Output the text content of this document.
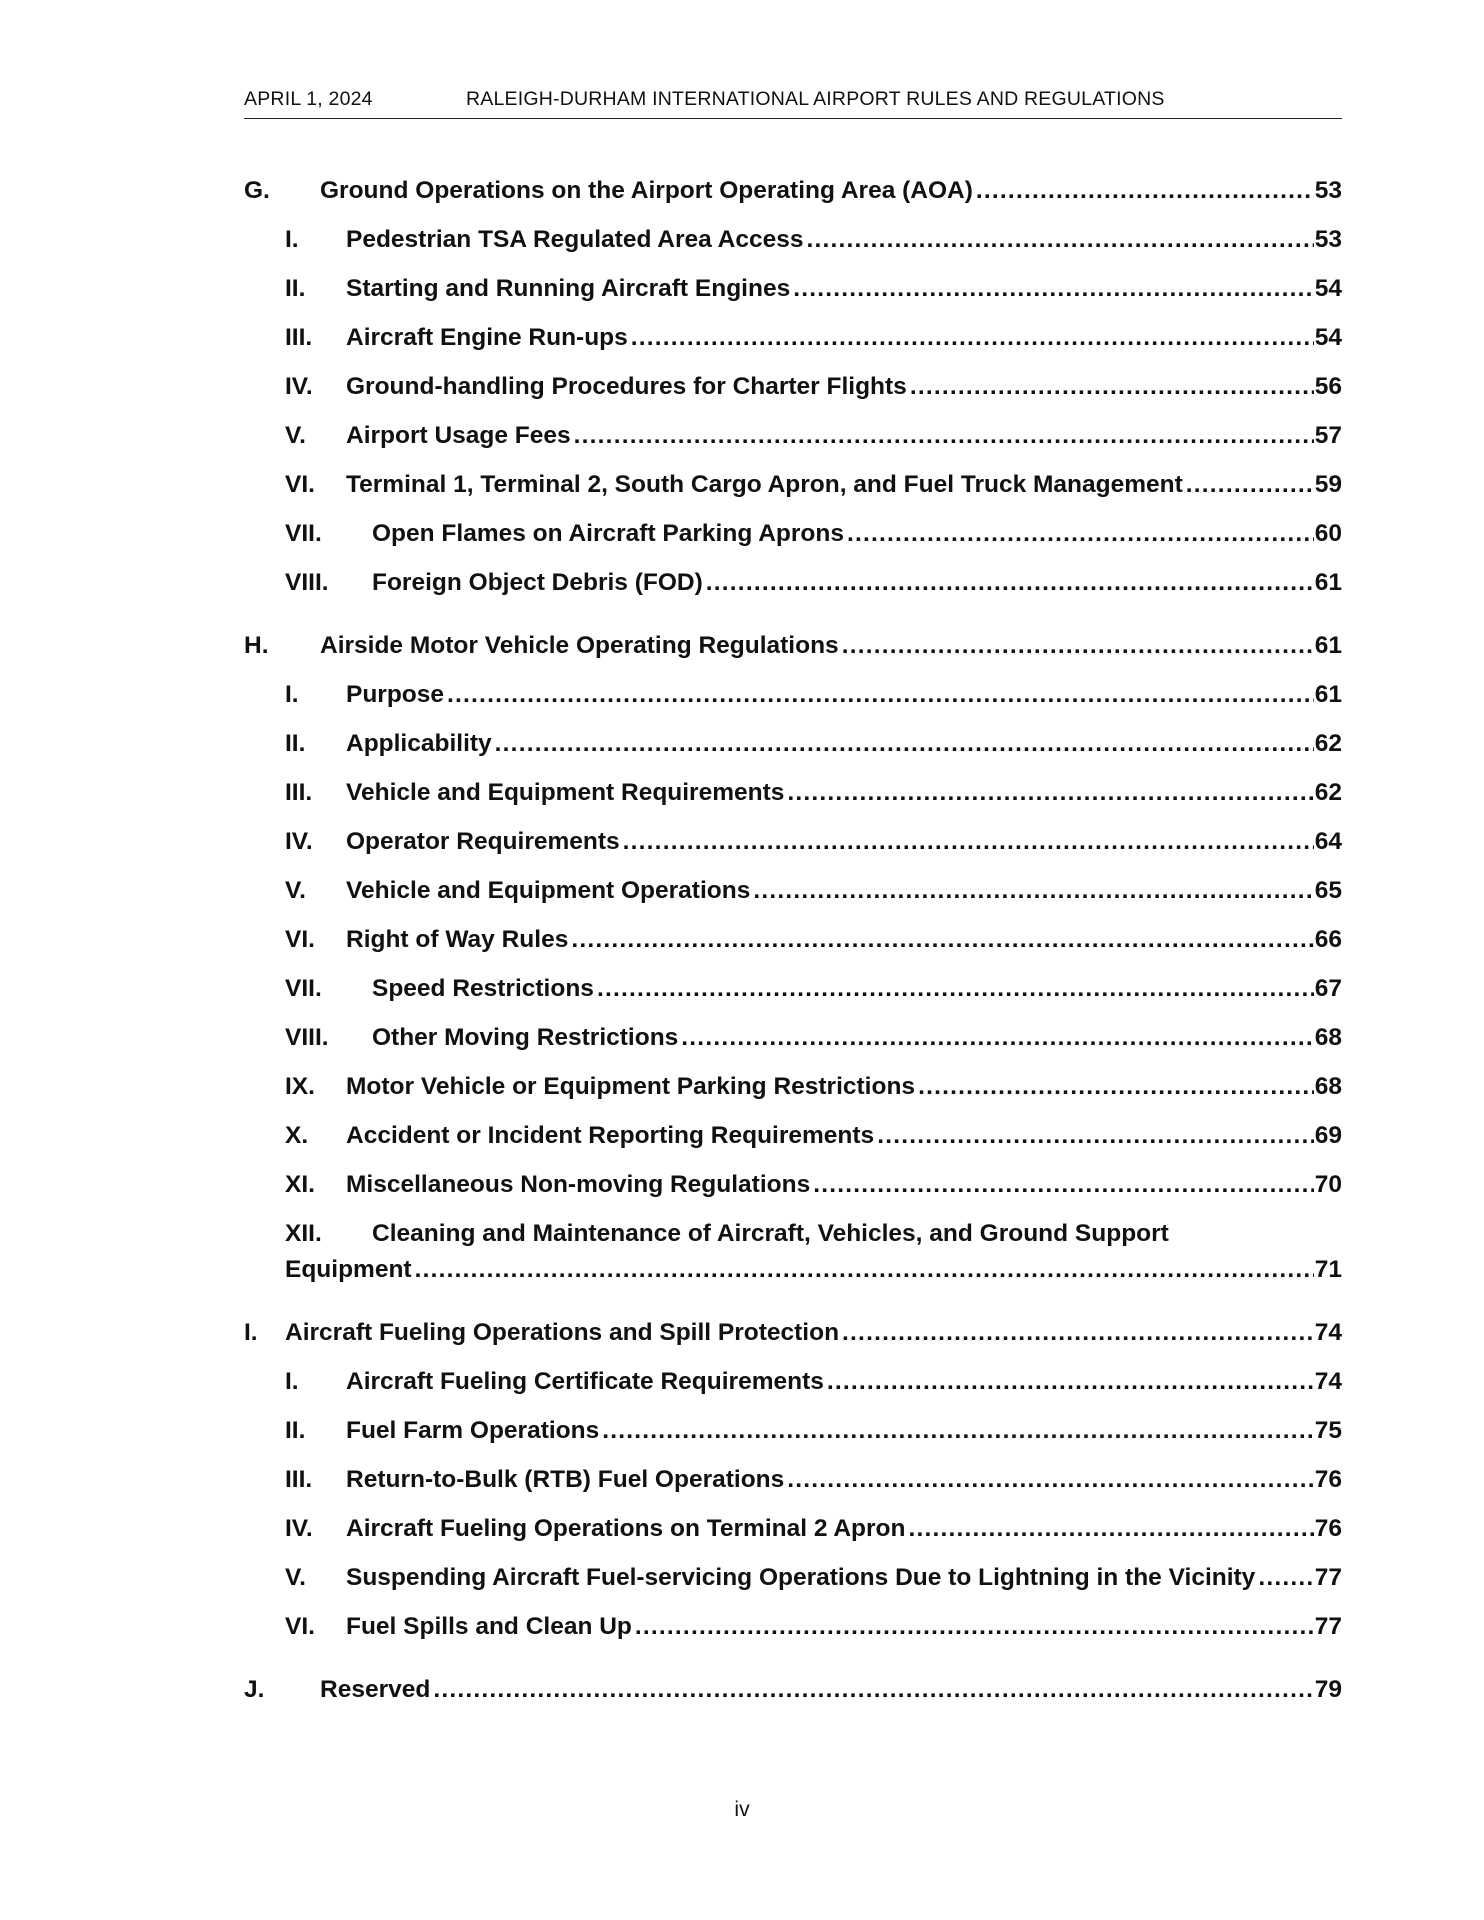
APRIL 1, 2024	RALEIGH-DURHAM INTERNATIONAL AIRPORT RULES AND REGULATIONS
G. Ground Operations on the Airport Operating Area (AOA) .....	53
I. Pedestrian TSA Regulated Area Access .....	53
II. Starting and Running Aircraft Engines .....	54
III. Aircraft Engine Run-ups .....	54
IV. Ground-handling Procedures for Charter Flights .....	56
V. Airport Usage Fees .....	57
VI. Terminal 1, Terminal 2, South Cargo Apron, and Fuel Truck Management .....	59
VII. Open Flames on Aircraft Parking Aprons .....	60
VIII. Foreign Object Debris (FOD) .....	61
H. Airside Motor Vehicle Operating Regulations .....	61
I. Purpose .....	61
II. Applicability .....	62
III. Vehicle and Equipment Requirements .....	62
IV. Operator Requirements .....	64
V. Vehicle and Equipment Operations .....	65
VI. Right of Way Rules .....	66
VII. Speed Restrictions .....	67
VIII. Other Moving Restrictions .....	68
IX. Motor Vehicle or Equipment Parking Restrictions .....	68
X. Accident or Incident Reporting Requirements .....	69
XI. Miscellaneous Non-moving Regulations .....	70
XII. Cleaning and Maintenance of Aircraft, Vehicles, and Ground Support
Equipment .....	71
I. Aircraft Fueling Operations and Spill Protection .....	74
I. Aircraft Fueling Certificate Requirements .....	74
II. Fuel Farm Operations .....	75
III. Return-to-Bulk (RTB) Fuel Operations .....	76
IV. Aircraft Fueling Operations on Terminal 2 Apron .....	76
V. Suspending Aircraft Fuel-servicing Operations Due to Lightning in the Vicinity ..... 77
VI. Fuel Spills and Clean Up .....	77
J. Reserved .....	79
iv
